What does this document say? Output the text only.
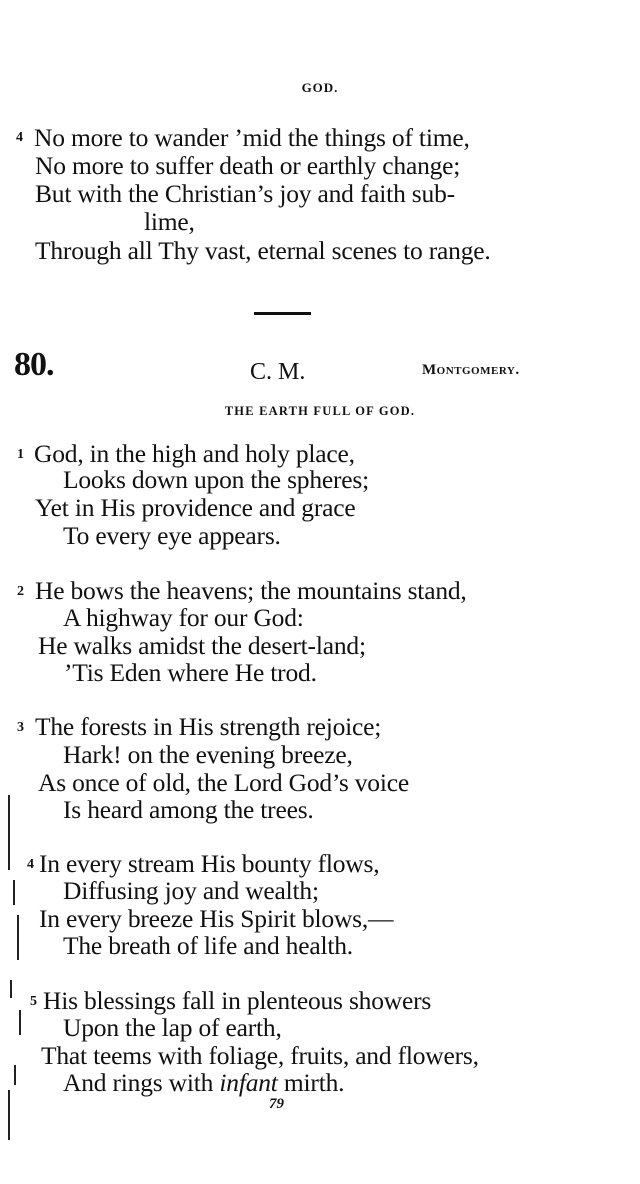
GOD.
4 No more to wander ’mid the things of time,
No more to suffer death or earthly change;
But with the Christian’s joy and faith sub-
lime,
Through all Thy vast, eternal scenes to range.
80.	C. M.	Montgomery.
THE EARTH FULL OF GOD.
1 God, in the high and holy place,
Looks down upon the spheres;
Yet in His providence and grace
To every eye appears.
2 He bows the heavens; the mountains stand,
A highway for our God:
He walks amidst the desert-land;
’Tis Eden where He trod.
3 The forests in His strength rejoice;
Hark! on the evening breeze,
As once of old, the Lord God’s voice
Is heard among the trees.
4 In every stream His bounty flows,
Diffusing joy and wealth;
In every breeze His Spirit blows,—
The breath of life and health.
5 His blessings fall in plenteous showers
Upon the lap of earth,
That teems with foliage, fruits, and flowers,
And rings with infant mirth.
79
